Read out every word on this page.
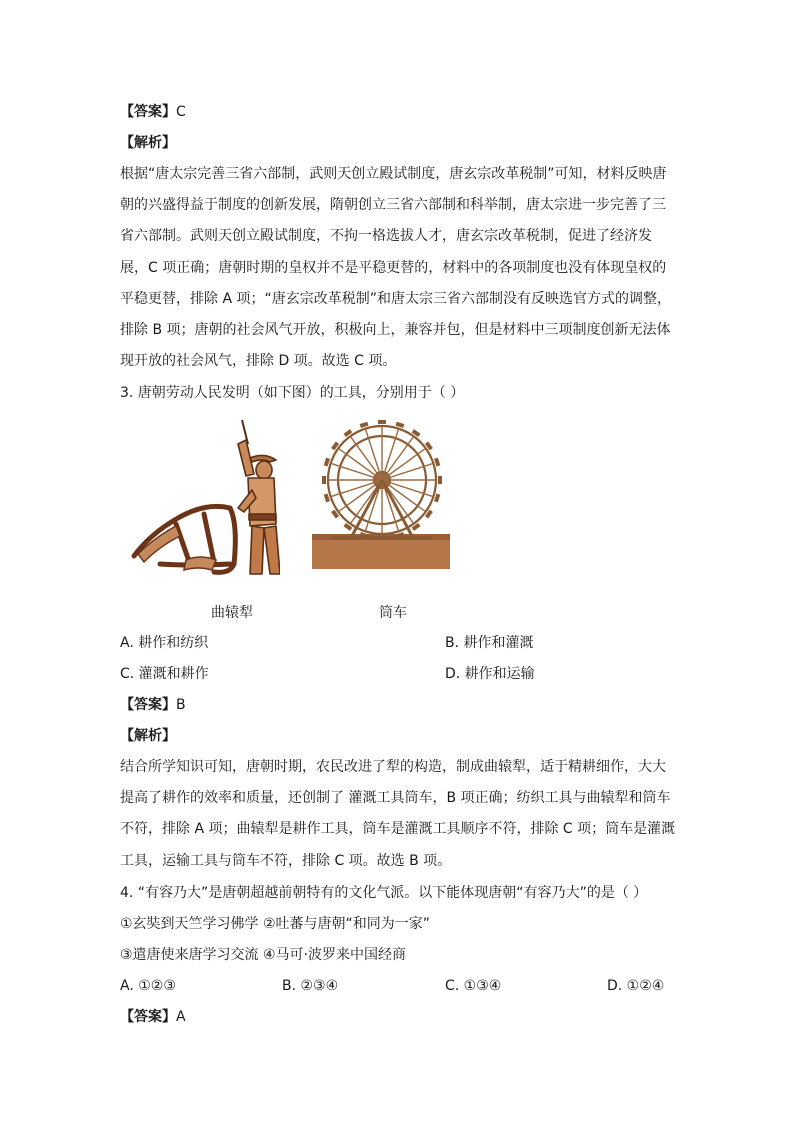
【答案】C
【解析】
根据“唐太宗完善三省六部制，武则天创立殿试制度，唐玄宗改革税制”可知，材料反映唐
朝的兴盛得益于制度的创新发展，隋朝创立三省六部制和科举制，唐太宗进一步完善了三
省六部制。武则天创立殿试制度，不拘一格选拔人才，唐玄宗改革税制，促进了经济发
展，C 项正确；唐朝时期的皇权并不是平稳更替的，材料中的各项制度也没有体现皇权的
平稳更替，排除 A 项；“唐玄宗改革税制”和唐太宗三省六部制没有反映选官方式的调整，
排除 B 项；唐朝的社会风气开放，积极向上，兼容并包，但是材料中三项制度创新无法体
现开放的社会风气，排除 D 项。故选 C 项。
3. 唐朝劳动人民发明（如下图）的工具，分别用于（ ）
曲辕犁	筒车
A. 耕作和纺织	B. 耕作和灌溉
C. 灌溉和耕作	D. 耕作和运输
【答案】B
【解析】
结合所学知识可知，唐朝时期，农民改进了犁的构造，制成曲辕犁，适于精耕细作，大大
提高了耕作的效率和质量，还创制了 灌溉工具筒车，B 项正确；纺织工具与曲辕犁和筒车
不符，排除 A 项；曲辕犁是耕作工具，筒车是灌溉工具顺序不符，排除 C 项；筒车是灌溉
工具，运输工具与筒车不符，排除 C 项。故选 B 项。
4. “有容乃大”是唐朝超越前朝特有的文化气派。以下能体现唐朝“有容乃大”的是（ ）
①玄奘到天竺学习佛学 ②吐蕃与唐朝“和同为一家”
③遣唐使来唐学习交流 ④马可·波罗来中国经商
A. ①②③	B. ②③④	C. ①③④	D. ①②④
【答案】A
